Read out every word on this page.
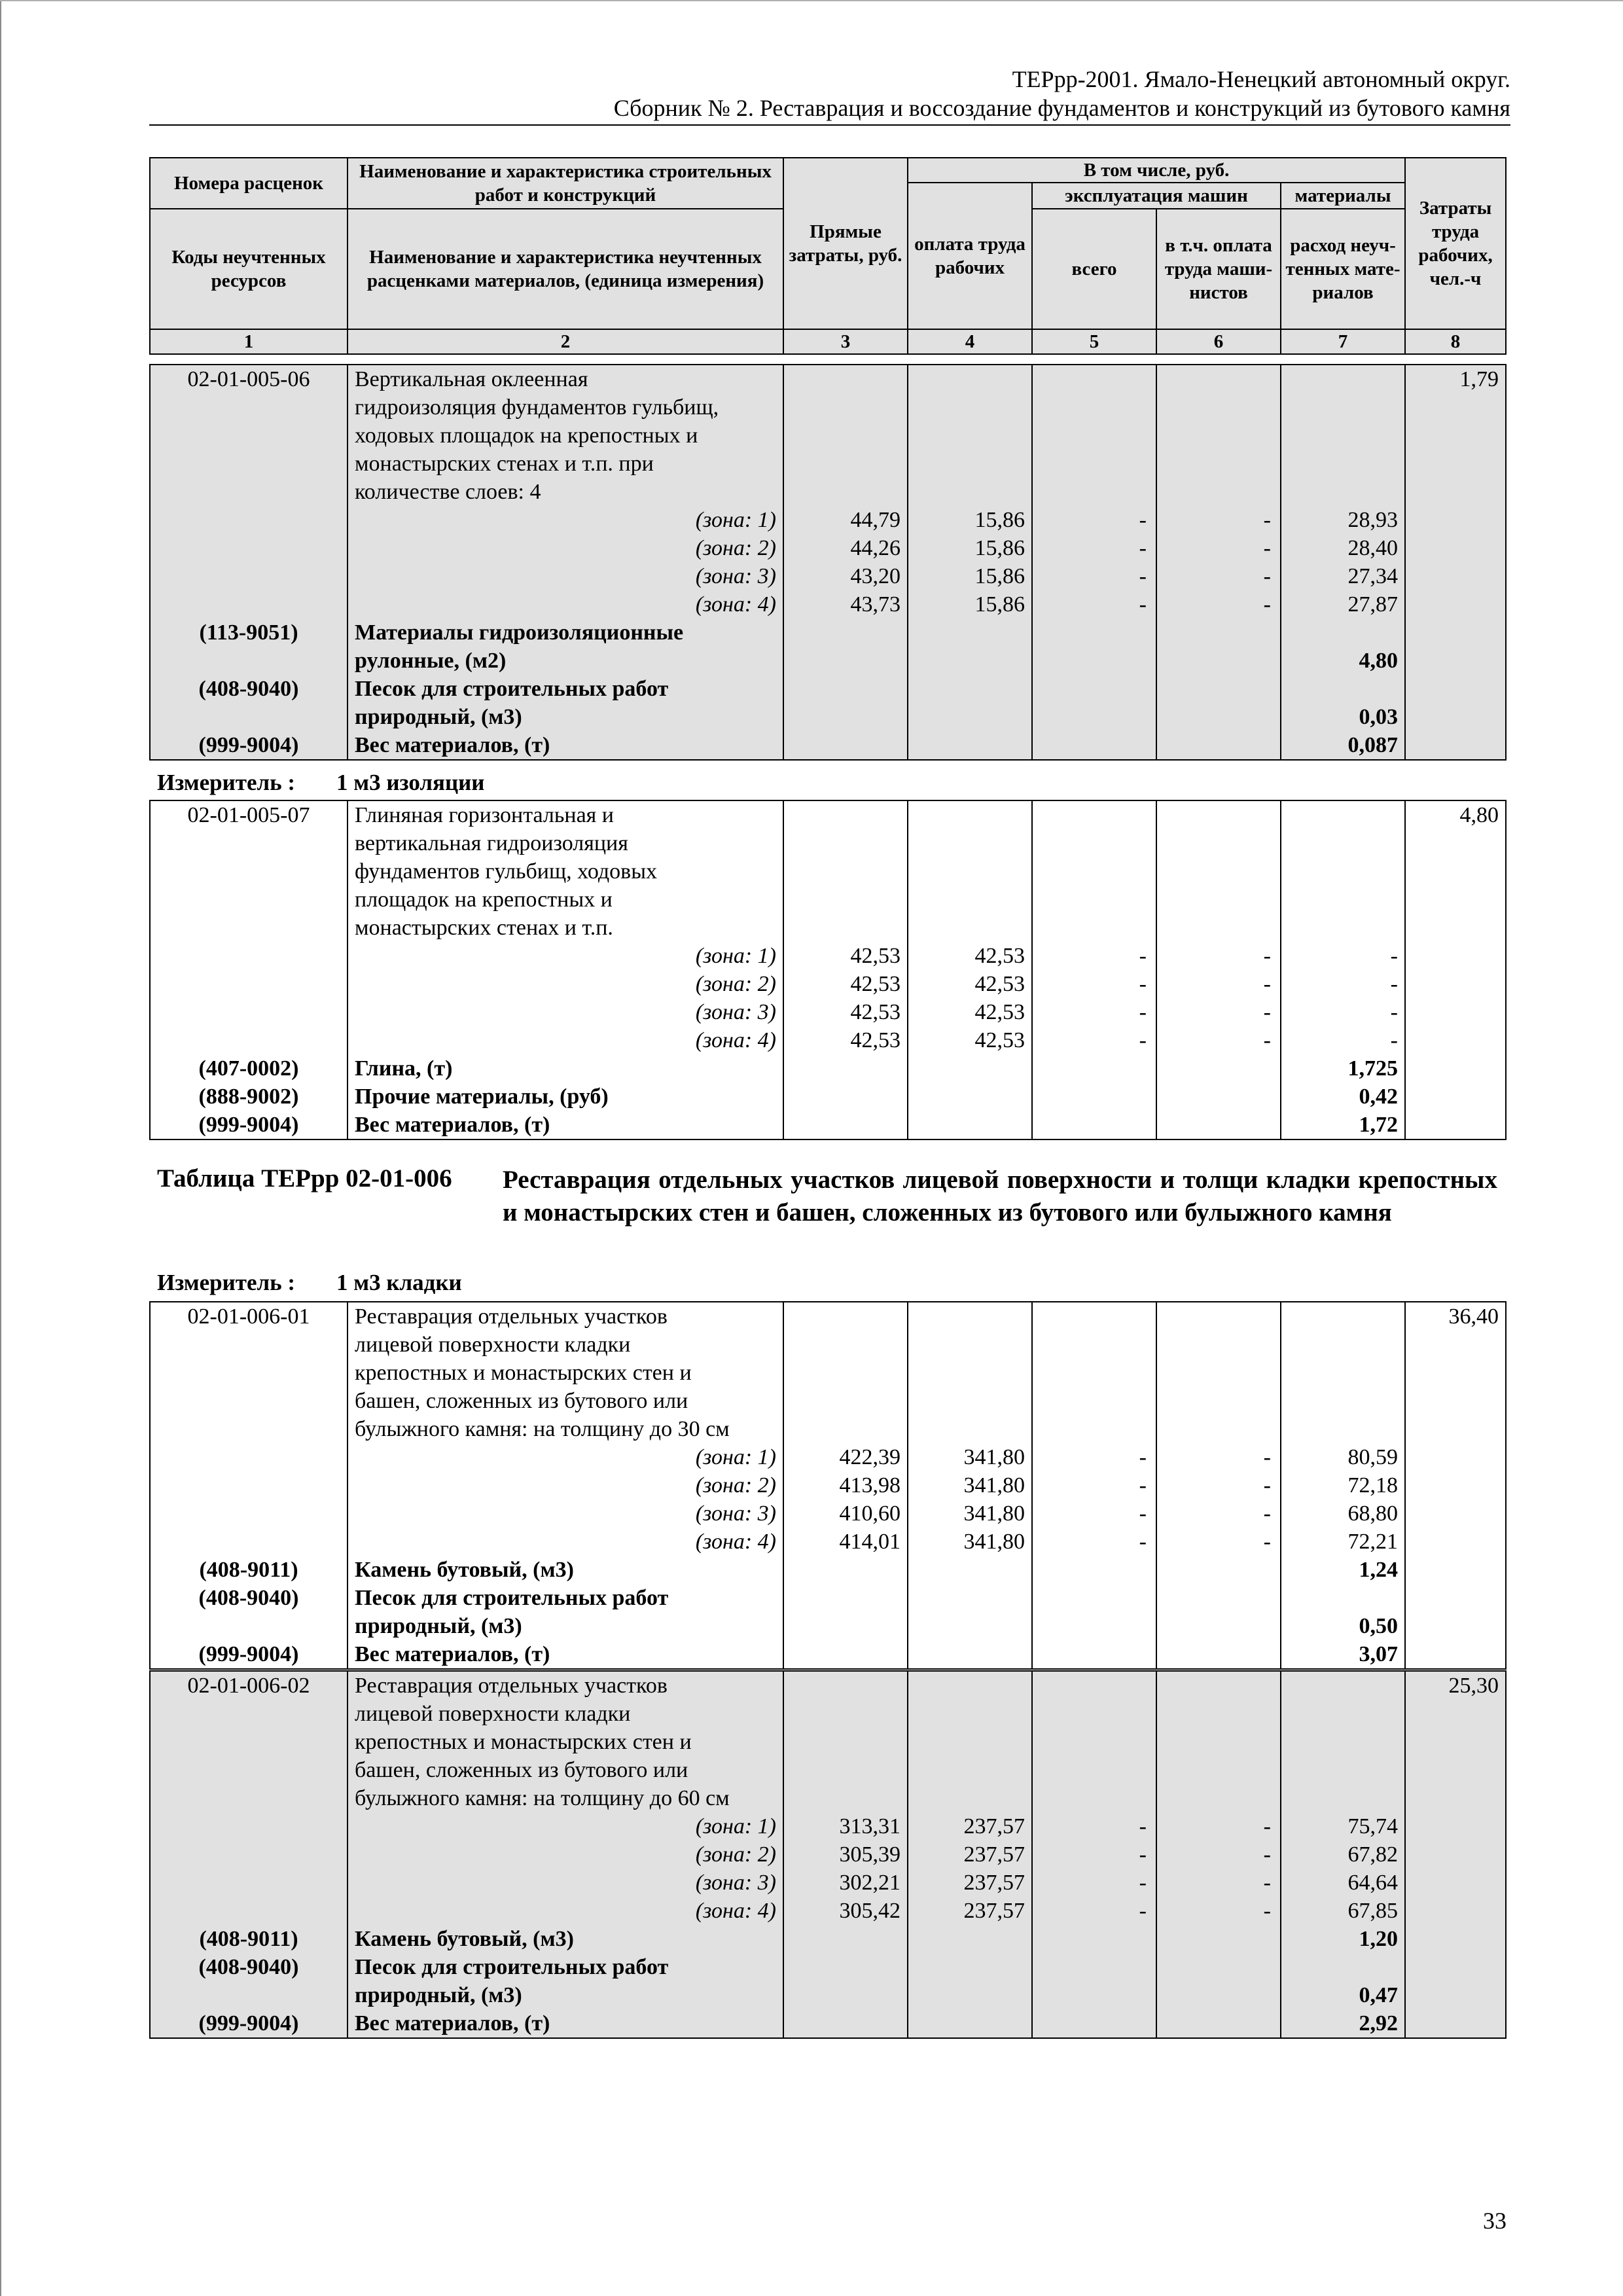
ТЕРрр-2001. Ямало-Ненецкий автономный округ.
Сборник № 2. Реставрация и воссоздание фундаментов и конструкций из бутового камня
Номера расценок	Наименование и характеристика строительных работ и конструкций	Прямые затраты, руб.	В том числе, руб.				Затраты труда рабочих, чел.-ч
			оплата труда рабочих	эксплуатация машин		материалы	
Коды неучтенных ресурсов	Наименование и характеристика неучтенных расценками материалов, (единица измерения)			всего	в т.ч. оплата труда маши-нистов	расход неуч-тенных мате-риалов	

1	2	3	4	5	6	7	8
02-01-005-06	Вертикальная оклеенная						1,79
	гидроизоляция фундаментов гульбищ,						
	ходовых площадок на крепостных и						
	монастырских стенах и т.п. при						
	количестве слоев: 4						
	(зона: 1)	44,79	15,86	-	-	28,93	
	(зона: 2)	44,26	15,86	-	-	28,40	
	(зона: 3)	43,20	15,86	-	-	27,34	
	(зона: 4)	43,73	15,86	-	-	27,87	
(113-9051)	Материалы гидроизоляционные						
	рулонные, (м2)					4,80	
(408-9040)	Песок для строительных работ						
	природный, (м3)					0,03	
(999-9004)	Вес материалов, (т)					0,087	
Измеритель : 1 м3 изоляции
02-01-005-07	Глиняная горизонтальная и						4,80
	вертикальная гидроизоляция						
	фундаментов гульбищ, ходовых						
	площадок на крепостных и						
	монастырских стенах и т.п.						
	(зона: 1)	42,53	42,53	-	-	-	
	(зона: 2)	42,53	42,53	-	-	-	
	(зона: 3)	42,53	42,53	-	-	-	
	(зона: 4)	42,53	42,53	-	-	-	
(407-0002)	Глина, (т)					1,725	
(888-9002)	Прочие материалы, (руб)					0,42	
(999-9004)	Вес материалов, (т)					1,72	
Таблица ТЕРрр 02-01-006 Реставрация отдельных участков лицевой поверхности и толщи кладки крепостных и монастырских стен и башен, сложенных из бутового или булыжного камня
Измеритель : 1 м3 кладки
02-01-006-01	Реставрация отдельных участков						36,40
	лицевой поверхности кладки						
	крепостных и монастырских стен и						
	башен, сложенных из бутового или						
	булыжного камня: на толщину до 30 см						
	(зона: 1)	422,39	341,80	-	-	80,59	
	(зона: 2)	413,98	341,80	-	-	72,18	
	(зона: 3)	410,60	341,80	-	-	68,80	
	(зона: 4)	414,01	341,80	-	-	72,21	
(408-9011)	Камень бутовый, (м3)					1,24	
(408-9040)	Песок для строительных работ						
	природный, (м3)					0,50	
(999-9004)	Вес материалов, (т)					3,07	
02-01-006-02	Реставрация отдельных участков						25,30
	лицевой поверхности кладки						
	крепостных и монастырских стен и						
	башен, сложенных из бутового или						
	булыжного камня: на толщину до 60 см						
	(зона: 1)	313,31	237,57	-	-	75,74	
	(зона: 2)	305,39	237,57	-	-	67,82	
	(зона: 3)	302,21	237,57	-	-	64,64	
	(зона: 4)	305,42	237,57	-	-	67,85	
(408-9011)	Камень бутовый, (м3)					1,20	
(408-9040)	Песок для строительных работ						
	природный, (м3)					0,47	
(999-9004)	Вес материалов, (т)					2,92	
33
